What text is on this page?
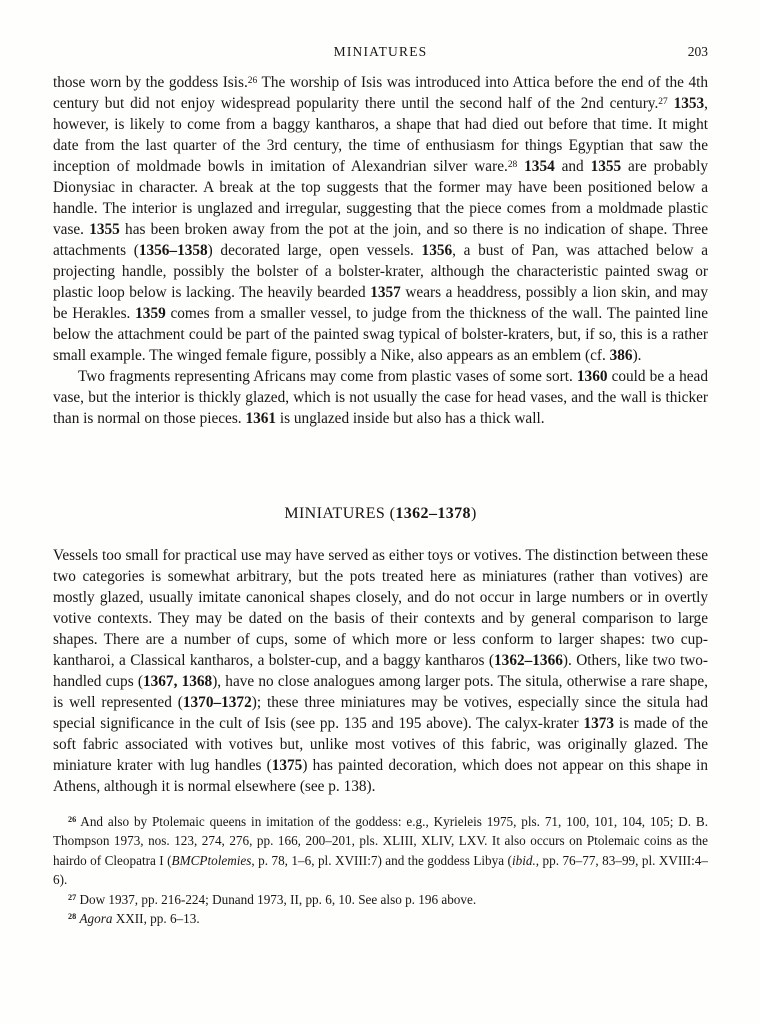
MINIATURES	203

those worn by the goddess Isis.$^{26}$ The worship of Isis was introduced into Attica before the end of the 4th century but did not enjoy widespread popularity there until the second half of the 2nd century.$^{27}$ 1353, however, is likely to come from a baggy kantharos, a shape that had died out before that time. It might date from the last quarter of the 3rd century, the time of enthusiasm for things Egyptian that saw the inception of moldmade bowls in imitation of Alexandrian silver ware.$^{28}$ 1354 and 1355 are probably Dionysiac in character. A break at the top suggests that the former may have been positioned below a handle. The interior is unglazed and irregular, suggesting that the piece comes from a moldmade plastic vase. 1355 has been broken away from the pot at the join, and so there is no indication of shape. Three attachments (1356–1358) decorated large, open vessels. 1356, a bust of Pan, was attached below a projecting handle, possibly the bolster of a bolster-krater, although the characteristic painted swag or plastic loop below is lacking. The heavily bearded 1357 wears a headdress, possibly a lion skin, and may be Herakles. 1359 comes from a smaller vessel, to judge from the thickness of the wall. The painted line below the attachment could be part of the painted swag typical of bolster-kraters, but, if so, this is a rather small example. The winged female figure, possibly a Nike, also appears as an emblem (cf. 386).

Two fragments representing Africans may come from plastic vases of some sort. 1360 could be a head vase, but the interior is thickly glazed, which is not usually the case for head vases, and the wall is thicker than is normal on those pieces. 1361 is unglazed inside but also has a thick wall.

MINIATURES (1362–1378)

Vessels too small for practical use may have served as either toys or votives. The distinction between these two categories is somewhat arbitrary, but the pots treated here as miniatures (rather than votives) are mostly glazed, usually imitate canonical shapes closely, and do not occur in large numbers or in overtly votive contexts. They may be dated on the basis of their contexts and by general comparison to large shapes. There are a number of cups, some of which more or less conform to larger shapes: two cup-kantharoi, a Classical kantharos, a bolster-cup, and a baggy kantharos (1362–1366). Others, like two two-handled cups (1367, 1368), have no close analogues among larger pots. The situla, otherwise a rare shape, is well represented (1370–1372); these three miniatures may be votives, especially since the situla had special significance in the cult of Isis (see pp. 135 and 195 above). The calyx-krater 1373 is made of the soft fabric associated with votives but, unlike most votives of this fabric, was originally glazed. The miniature krater with lug handles (1375) has painted decoration, which does not appear on this shape in Athens, although it is normal elsewhere (see p. 138).

$^{26}$ And also by Ptolemaic queens in imitation of the goddess: e.g., Kyrieleis 1975, pls. 71, 100, 101, 104, 105; D. B. Thompson 1973, nos. 123, 274, 276, pp. 166, 200–201, pls. XLIII, XLIV, LXV. It also occurs on Ptolemaic coins as the hairdo of Cleopatra I (BMCPtolemies, p. 78, 1–6, pl. XVIII:7) and the goddess Libya (ibid., pp. 76–77, 83–99, pl. XVIII:4–6).

$^{27}$ Dow 1937, pp. 216-224; Dunand 1973, II, pp. 6, 10. See also p. 196 above.

$^{28}$ Agora XXII, pp. 6–13.
